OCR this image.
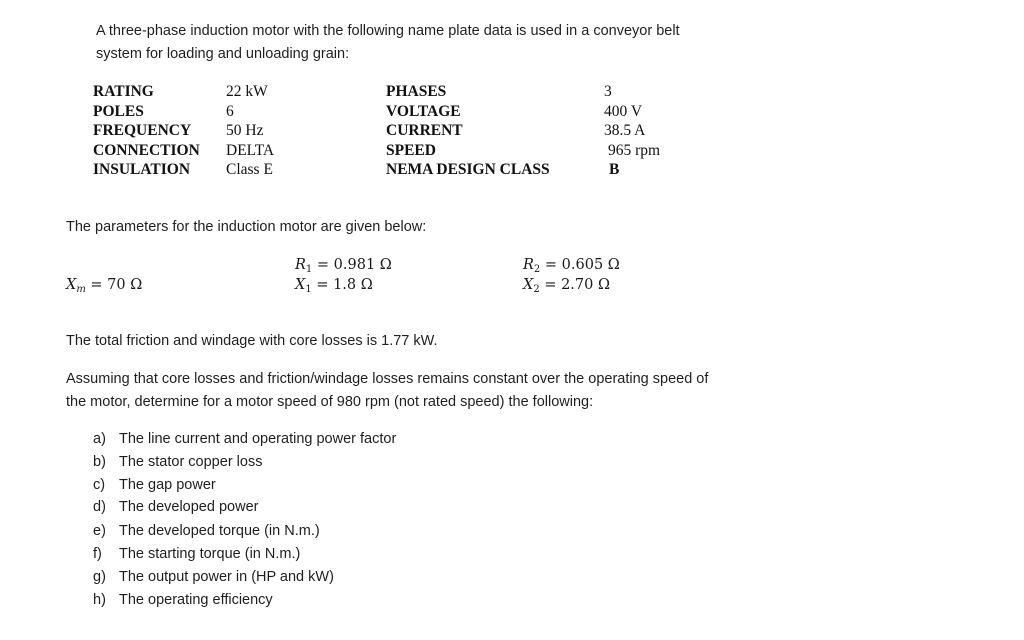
A three-phase induction motor with the following name plate data is used in a conveyor belt
system for loading and unloading grain:
RATING
POLES
FREQUENCY
CONNECTION
INSULATION
22 kW
6
50 Hz
DELTA
Class E
PHASES
VOLTAGE
CURRENT
SPEED
NEMA DESIGN CLASS
3
400 V
38.5 A
965 rpm
B
The parameters for the induction motor are given below:
$X_m = 70$ Ω
$R_1 = 0.981$ Ω
$X_1 = 1.8$ Ω
$R_2 = 0.605$ Ω
$X_2 = 2.70$ Ω
The total friction and windage with core losses is 1.77 kW.
Assuming that core losses and friction/windage losses remains constant over the operating speed of
the motor, determine for a motor speed of 980 rpm (not rated speed) the following:
a) The line current and operating power factor
b) The stator copper loss
c) The gap power
d) The developed power
e) The developed torque (in N.m.)
f) The starting torque (in N.m.)
g) The output power in (HP and kW)
h) The operating efficiency
